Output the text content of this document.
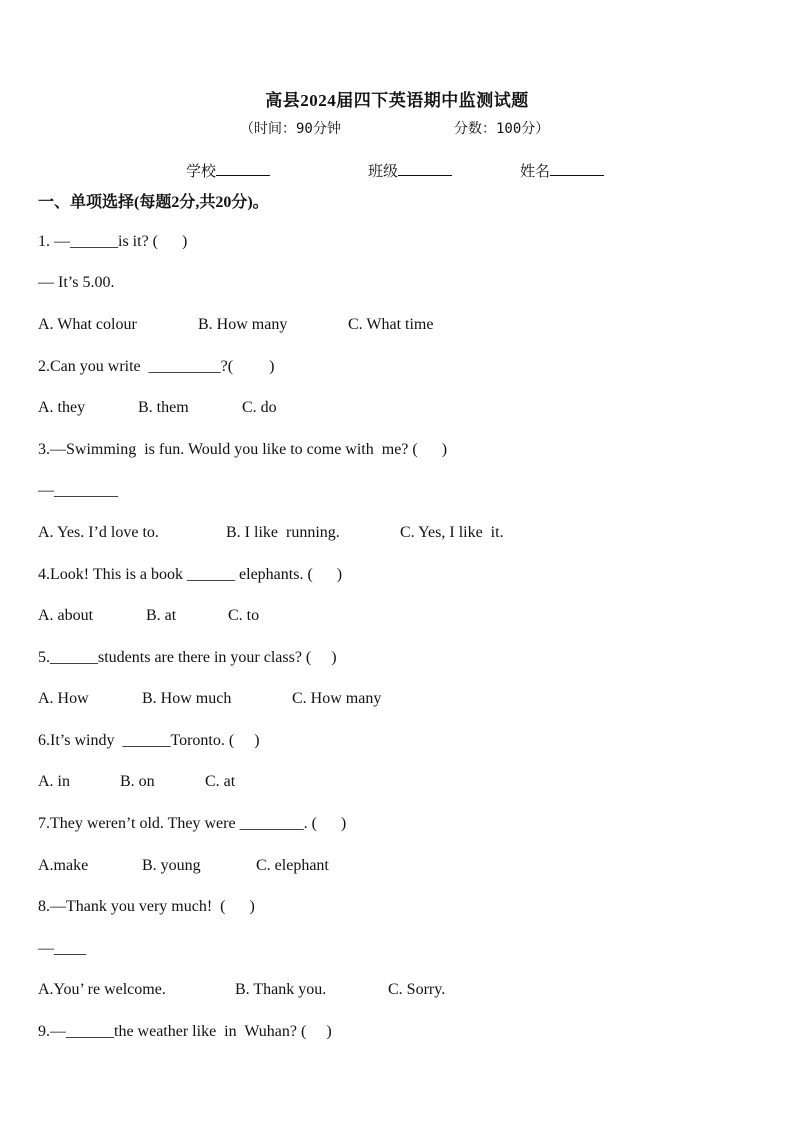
高县2024届四下英语期中监测试题
（时间：90分钟	分数：100分）
学校	班级	姓名
一、单项选择(每题2分,共20分)。
1. —______is it? (      )
— It’s 5.00.
A. What colour	B. How many	C. What time
2.Can you write  _________?(         )
A. they	B. them	C. do
3.—Swimming  is fun. Would you like to come with  me? (      )
—________
A. Yes. I’d love to.	B. I like  running.	C. Yes, I like  it.
4.Look! This is a book ______ elephants. (      )
A. about	B. at	C. to
5.______students are there in your class? (     )
A. How	B. How much	C. How many
6.It’s windy  ______Toronto. (     )
A. in	B. on	C. at
7.They weren’t old. They were ________. (      )
A.make	B. young	C. elephant
8.—Thank you very much!  (      )
—____
A.You’ re welcome.	B. Thank you.	C. Sorry.
9.—______the weather like  in  Wuhan? (     )
